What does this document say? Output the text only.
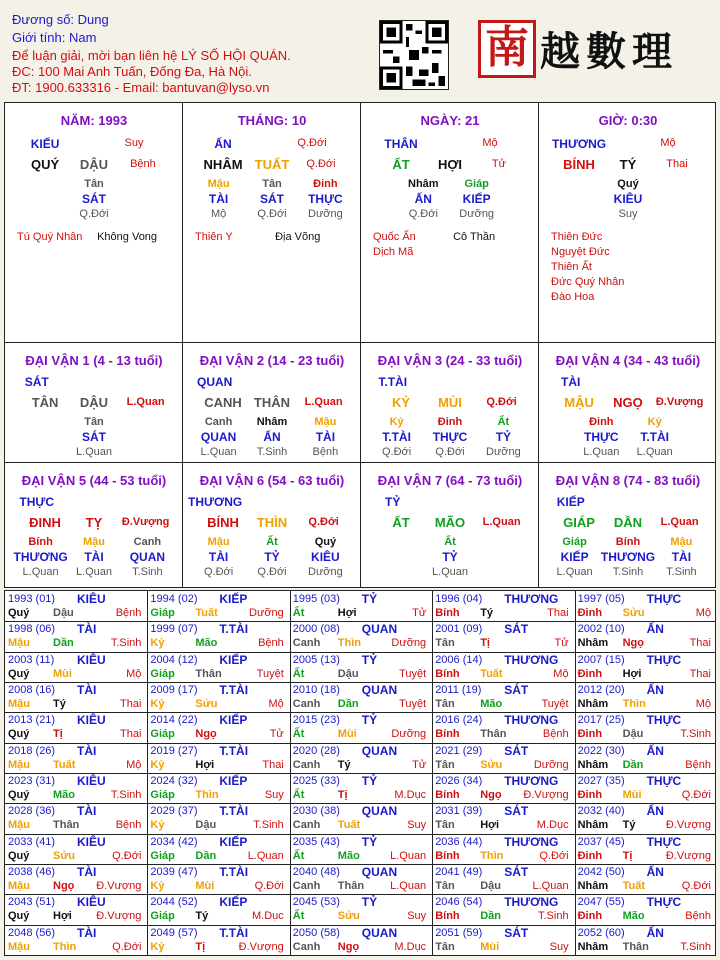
Đương số: Dung
Giới tính: Nam
Để luận giải, mời bạn liên hệ LÝ SỐ HỘI QUÁN.
ĐC: 100 Mai Anh Tuấn, Đống Đa, Hà Nội.
ĐT: 1900.633316 - Email: bantuvan@lyso.vn
南 越數理
NĂM: 1993
KIẾU	Suy
QUÝ	DẬU	Bệnh
Tân
SÁT
Q.Đới
Tú Quý Nhân Không Vong
THÁNG: 10
ẤN	Q.Đới
NHÂM TUẤT	Q.Đới
Mậu
TÀI
Mộ
Tân
SÁT
Q.Đới
Đinh
THỰC
Dưỡng
Thiên Y	Địa Võng
NGÀY: 21
THÂN	Mộ
ẤT	HỢI	Tử
Nhâm
ẤN
Q.Đới
Giáp
KIẾP
Dưỡng
Quốc Ấn	Cô Thần
Dịch Mã
GIỜ: 0:30
THƯƠNG	Mộ
BÍNH	TÝ	Thai
Quý
KIÊU
Suy
Thiên Đức
Nguyệt Đức
Thiên Ất
Đức Quý Nhân
Đào Hoa
ĐẠI VẬN 1 (4 - 13 tuổi)
SÁT
TÂN	DẬU	L.Quan
Tân
SÁT
L.Quan
ĐẠI VẬN 2 (14 - 23 tuổi)
QUAN
CANH THÂN	L.Quan
Canh
QUAN
L.Quan
Nhâm
ẤN
T.Sinh
Mậu
TÀI
Bệnh
ĐẠI VẬN 3 (24 - 33 tuổi)
T.TÀI
KỶ	MÙI	Q.Đới
Kỷ
T.TÀI
Q.Đới
Đinh
THỰC
Q.Đới
Ất
TỶ
Dưỡng
ĐẠI VẬN 4 (34 - 43 tuổi)
TÀI
MẬU	NGỌ	Đ.Vượng
Đinh
THỰC
L.Quan
Kỷ
T.TÀI
L.Quan
ĐẠI VẬN 5 (44 - 53 tuổi)
THỰC
ĐINH	TỴ	Đ.Vượng
Bính
THƯƠNG
L.Quan
Mậu
TÀI
L.Quan
Canh
QUAN
T.Sinh
ĐẠI VẬN 6 (54 - 63 tuổi)
THƯƠNG
BÍNH	THÌN	Q.Đới
Mậu
TÀI
Q.Đới
Ất
TỶ
Q.Đới
Quý
KIÊU
Dưỡng
ĐẠI VẬN 7 (64 - 73 tuổi)
TỶ
ẤT	MÃO	L.Quan
Ất
TỶ
L.Quan
ĐẠI VẬN 8 (74 - 83 tuổi)
KIẾP
GIÁP	DẦN	L.Quan
Giáp
KIẾP
L.Quan
Bính
THƯƠNG
T.Sinh
Mậu
TÀI
T.Sinh
1993 (01) KIÊU
Quý Dậu	Bệnh
1994 (02) KIẾP
Giáp Tuất	Dưỡng
1995 (03) TỶ
Ất	Hợi	Tử
1996 (04) THƯƠNG
Bính Tý	Thai
1997 (05) THỰC
Đinh Sửu	Mộ
1998 (06) TÀI
Mậu Dần	T.Sinh
1999 (07) T.TÀI
Kỷ	Mão	Bệnh
2000 (08) QUAN
Canh Thìn	Dưỡng
2001 (09) SÁT
Tân Tị	Tử
2002 (10) ẤN
Nhâm Ngọ	Thai
2003 (11) KIÊU
Quý Mùi	Mộ
2004 (12) KIẾP
Giáp Thân	Tuyệt
2005 (13) TỶ
Ất	Dậu	Tuyệt
2006 (14) THƯƠNG
Bính Tuất	Mộ
2007 (15) THỰC
Đinh Hợi	Thai
2008 (16) TÀI
Mậu Tý	Thai
2009 (17) T.TÀI
Kỷ	Sửu	Mộ
2010 (18) QUAN
Canh Dần	Tuyệt
2011 (19) SÁT
Tân Mão	Tuyệt
2012 (20) ẤN
Nhâm Thìn	Mộ
2013 (21) KIÊU
Quý Tị	Thai
2014 (22) KIẾP
Giáp Ngọ	Tử
2015 (23) TỶ
Ất	Mùi	Dưỡng
2016 (24) THƯƠNG
Bính Thân	Bệnh
2017 (25) THỰC
Đinh Dậu	T.Sinh
2018 (26) TÀI
Mậu Tuất	Mộ
2019 (27) T.TÀI
Kỷ	Hợi	Thai
2020 (28) QUAN
Canh Tý	Tử
2021 (29) SÁT
Tân Sửu	Dưỡng
2022 (30) ẤN
Nhâm Dần	Bệnh
2023 (31) KIÊU
Quý Mão	T.Sinh
2024 (32) KIẾP
Giáp Thìn	Suy
2025 (33) TỶ
Ất	Tị	M.Dục
2026 (34) THƯƠNG
Bính Ngọ Đ.Vượng
2027 (35) THỰC
Đinh Mùi	Q.Đới
2028 (36) TÀI
Mậu Thân	Bệnh
2029 (37) T.TÀI
Kỷ	Dậu	T.Sinh
2030 (38) QUAN
Canh Tuất	Suy
2031 (39) SÁT
Tân Hợi	M.Dục
2032 (40) ẤN
Nhâm Tý	Đ.Vượng
2033 (41) KIÊU
Quý Sửu	Q.Đới
2034 (42) KIẾP
Giáp Dần	L.Quan
2035 (43) TỶ
Ất	Mão	L.Quan
2036 (44) THƯƠNG
Bính Thìn	Q.Đới
2037 (45) THỰC
Đinh Tị	Đ.Vượng
2038 (46) TÀI
Mậu Ngọ Đ.Vượng
2039 (47) T.TÀI
Kỷ	Mùi	Q.Đới
2040 (48) QUAN
Canh Thân L.Quan
2041 (49) SÁT
Tân Dậu	L.Quan
2042 (50) ẤN
Nhâm Tuất	Q.Đới
2043 (51) KIÊU
Quý Hợi Đ.Vượng
2044 (52) KIẾP
Giáp Tý	M.Dục
2045 (53) TỶ
Ất	Sửu	Suy
2046 (54) THƯƠNG
Bính Dần	T.Sinh
2047 (55) THỰC
Đinh Mão	Bệnh
2048 (56) TÀI
Mậu Thìn	Q.Đới
2049 (57) T.TÀI
Kỷ	Tị	Đ.Vượng
2050 (58) QUAN
Canh Ngọ	M.Dục
2051 (59) SÁT
Tân Mùi	Suy
2052 (60) ẤN
Nhâm Thân	T.Sinh
